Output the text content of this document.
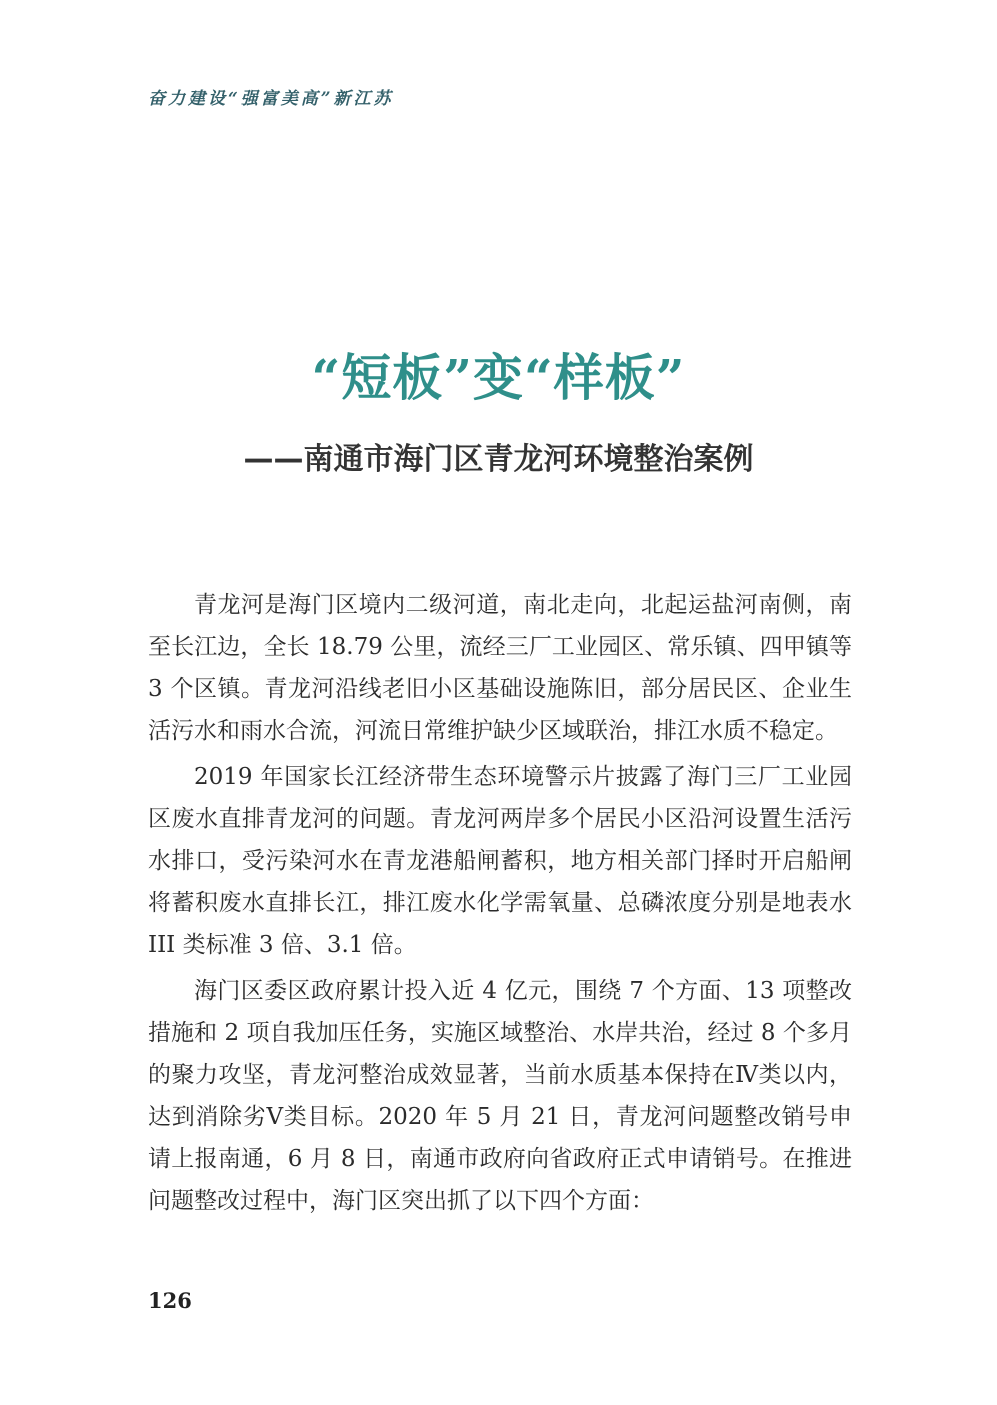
奋力建设“强富美高”新江苏
“短板”变“样板”
——南通市海门区青龙河环境整治案例

青龙河是海门区境内二级河道，南北走向，北起运盐河南侧，南至长江边，全长 18.79 公里，流经三厂工业园区、常乐镇、四甲镇等 3 个区镇。青龙河沿线老旧小区基础设施陈旧，部分居民区、企业生活污水和雨水合流，河流日常维护缺少区域联治，排江水质不稳定。

2019 年国家长江经济带生态环境警示片披露了海门三厂工业园区废水直排青龙河的问题。青龙河两岸多个居民小区沿河设置生活污水排口，受污染河水在青龙港船闸蓄积，地方相关部门择时开启船闸将蓄积废水直排长江，排江废水化学需氧量、总磷浓度分别是地表水 III 类标准 3 倍、3.1 倍。

海门区委区政府累计投入近 4 亿元，围绕 7 个方面、13 项整改措施和 2 项自我加压任务，实施区域整治、水岸共治，经过 8 个多月的聚力攻坚，青龙河整治成效显著，当前水质基本保持在Ⅳ类以内，达到消除劣Ⅴ类目标。2020 年 5 月 21 日，青龙河问题整改销号申请上报南通，6 月 8 日，南通市政府向省政府正式申请销号。在推进问题整改过程中，海门区突出抓了以下四个方面：

126
